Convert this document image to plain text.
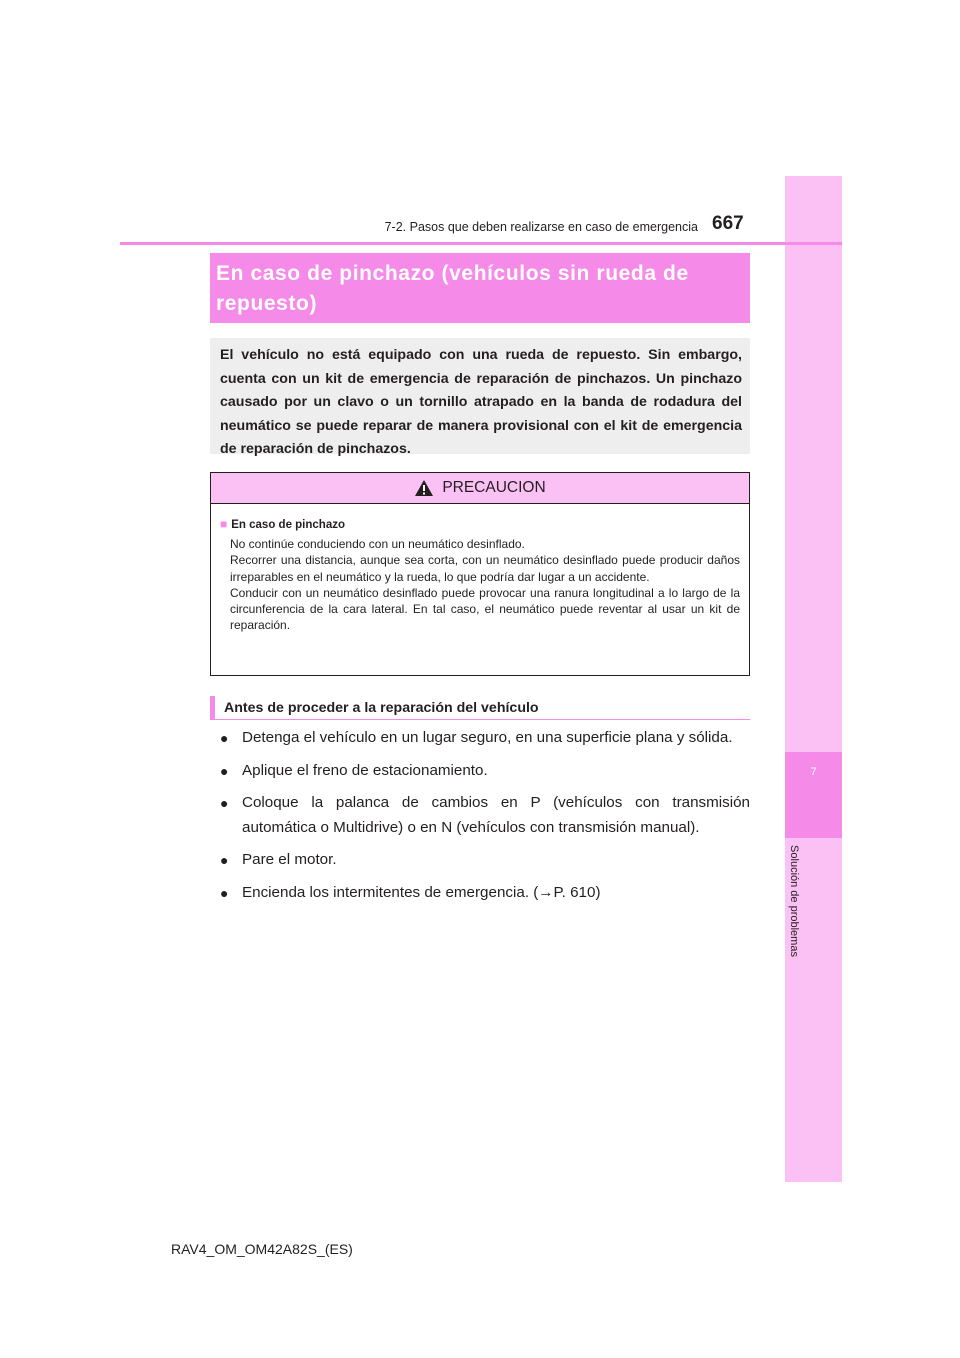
7
Solución de problemas
7-2. Pasos que deben realizarse en caso de emergencia 667
En caso de pinchazo (vehículos sin rueda de
repuesto)
El vehículo no está equipado con una rueda de repuesto. Sin embargo, cuenta con un kit de emergencia de reparación de pinchazos. Un pinchazo causado por un clavo o un tornillo atrapado en la banda de rodadura del neumático se puede reparar de manera provisional con el kit de emergencia de reparación de pinchazos.
PRECAUCION
■ En caso de pinchazo

No continúe conduciendo con un neumático desinflado.

Recorrer una distancia, aunque sea corta, con un neumático desinflado puede producir daños irreparables en el neumático y la rueda, lo que podría dar lugar a un accidente.

Conducir con un neumático desinflado puede provocar una ranura longitudinal a lo largo de la circunferencia de la cara lateral. En tal caso, el neumático puede reventar al usar un kit de reparación.

Antes de proceder a la reparación del vehículo
● Detenga el vehículo en un lugar seguro, en una superficie plana y sólida.
● Aplique el freno de estacionamiento.
● Coloque la palanca de cambios en P (vehículos con transmisión automática o Multidrive) o en N (vehículos con transmisión manual).
● Pare el motor.
● Encienda los intermitentes de emergencia. (→P. 610)
RAV4_OM_OM42A82S_(ES)
